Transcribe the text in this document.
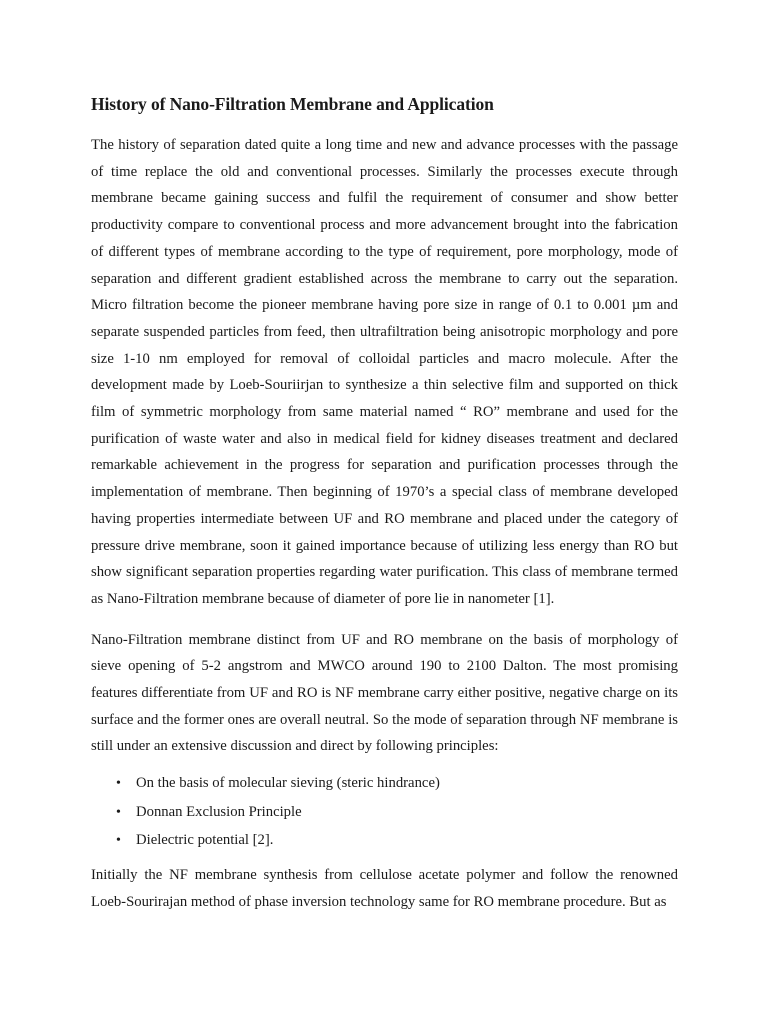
History of Nano-Filtration Membrane and Application

The history of separation dated quite a long time and new and advance processes with the passage of time replace the old and conventional processes. Similarly the processes execute through membrane became gaining success and fulfil the requirement of consumer and show better productivity compare to conventional process and more advancement brought into the fabrication of different types of membrane according to the type of requirement, pore morphology, mode of separation and different gradient established across the membrane to carry out the separation. Micro filtration become the pioneer membrane having pore size in range of 0.1 to 0.001 µm and separate suspended particles from feed, then ultrafiltration being anisotropic morphology and pore size 1-10 nm employed for removal of colloidal particles and macro molecule. After the development made by Loeb-Souriirjan to synthesize a thin selective film and supported on thick film of symmetric morphology from same material named “ RO” membrane and used for the purification of waste water and also in medical field for kidney diseases treatment and declared remarkable achievement in the progress for separation and purification processes through the implementation of membrane. Then beginning of 1970’s a special class of membrane developed having properties intermediate between UF and RO membrane and placed under the category of pressure drive membrane, soon it gained importance because of utilizing less energy than RO but show significant separation properties regarding water purification. This class of membrane termed as Nano-Filtration membrane because of diameter of pore lie in nanometer [1].

Nano-Filtration membrane distinct from UF and RO membrane on the basis of morphology of sieve opening of 5-2 angstrom and MWCO around 190 to 2100 Dalton. The most promising features differentiate from UF and RO is NF membrane carry either positive, negative charge on its surface and the former ones are overall neutral. So the mode of separation through NF membrane is still under an extensive discussion and direct by following principles:

• On the basis of molecular sieving (steric hindrance)
• Donnan Exclusion Principle
• Dielectric potential [2].

Initially the NF membrane synthesis from cellulose acetate polymer and follow the renowned Loeb-Sourirajan method of phase inversion technology same for RO membrane procedure. But as
